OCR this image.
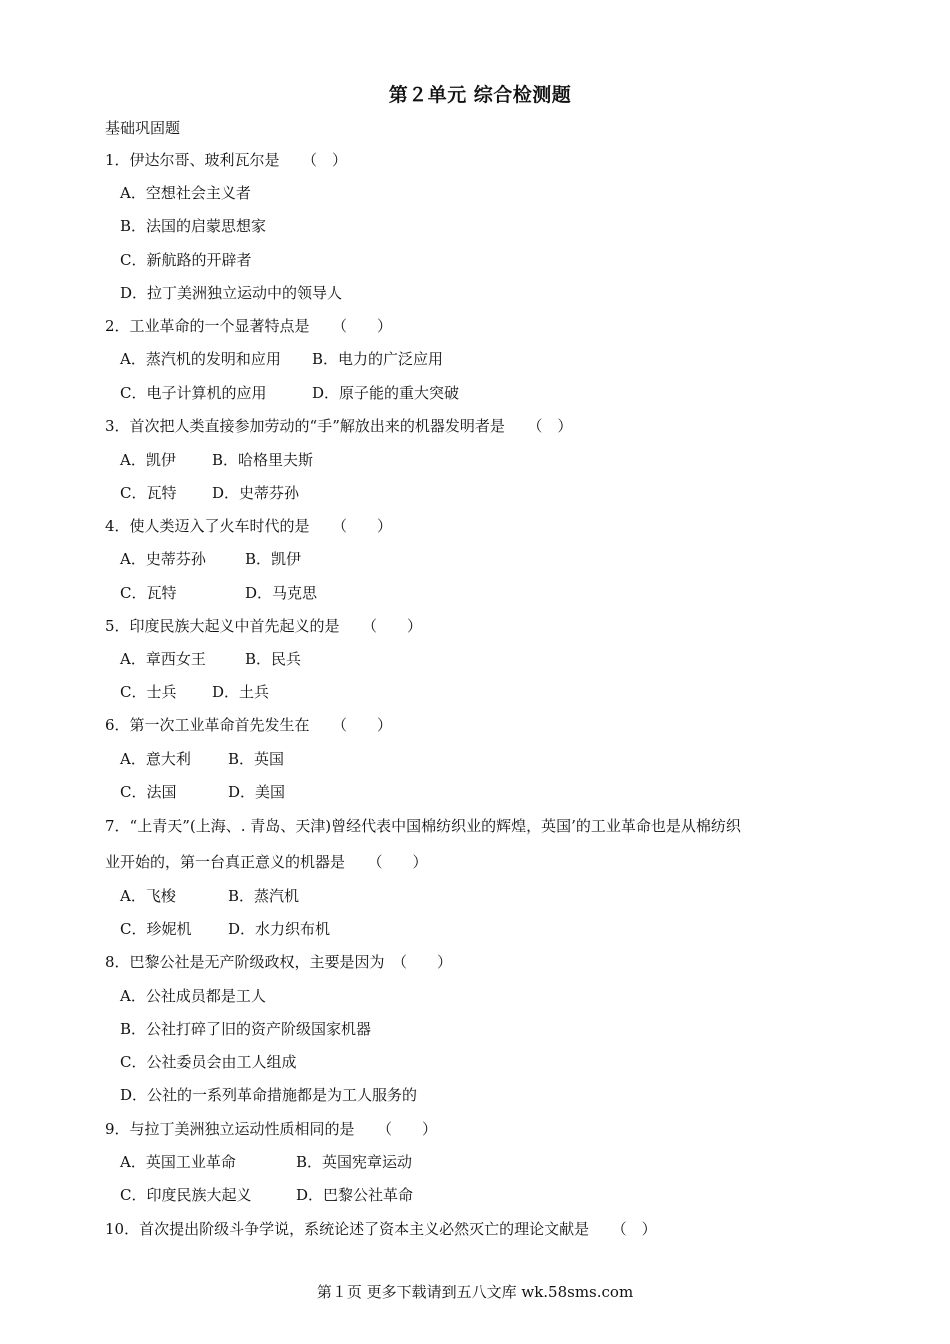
第２单元 综合检测题
基础巩固题
1．伊达尔哥、玻利瓦尔是　　（　）
A．空想社会主义者
B．法国的启蒙思想家
C．新航路的开辟者
D．拉丁美洲独立运动中的领导人
2．工业革命的一个显著特点是　　（　　）
A．蒸汽机的发明和应用 B．电力的广泛应用
C．电子计算机的应用	D．原子能的重大突破
3．首次把人类直接参加劳动的“手”解放出来的机器发明者是　　（　）
A．凯伊 B．哈格里夫斯
C．瓦特 D．史蒂芬孙
4．使人类迈入了火车时代的是　　（　　）
A．史蒂芬孙	B．凯伊
C．瓦特	D．马克思
5．印度民族大起义中首先起义的是　　（　　）
A．章西女王	B．民兵
C．士兵 D．土兵
6．第一次工业革命首先发生在　　（　　）
A．意大利 B．英国
C．法国	D．美国
7．“上青天”(上海、. 青岛、天津)曾经代表中国棉纺织业的辉煌，英国’的工业革命也是从棉纺织
业开始的，第一台真正意义的机器是　　（　　）
A．飞梭	B．蒸汽机
C．珍妮机 D．水力织布机
8．巴黎公社是无产阶级政权，主要是因为　（　　）
A．公社成员都是工人
B．公社打碎了旧的资产阶级国家机器
C．公社委员会由工人组成
D．公社的一系列革命措施都是为工人服务的
9．与拉丁美洲独立运动性质相同的是　　（　　）
A．英国工业革命	B．英国宪章运动
C．印度民族大起义	D．巴黎公社革命
10．首次提出阶级斗争学说，系统论述了资本主义必然灭亡的理论文献是　　（　）
第１页 更多下载请到五八文库 wk.58sms.com
